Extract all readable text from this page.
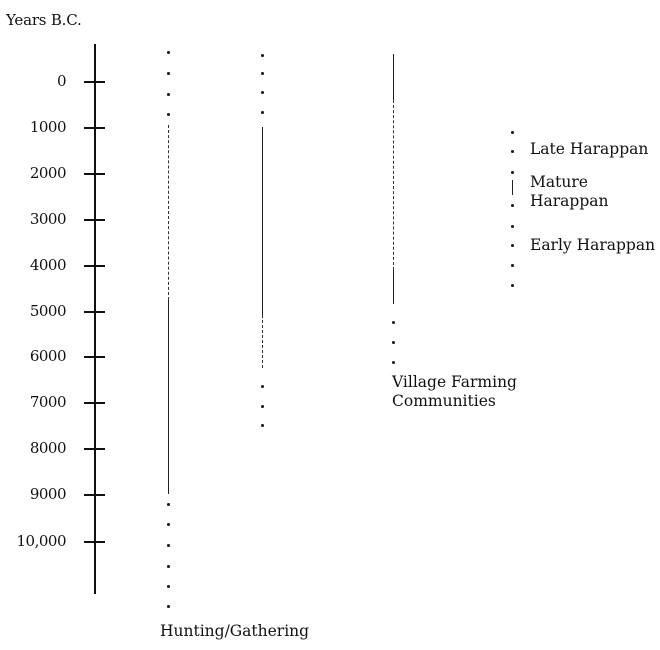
Years B.C.
0
1000
2000
3000
4000
5000
6000
7000
8000
9000
10,000
Hunting/Gathering
Village Farming
Communities
Late Harappan
Mature
Harappan
Early Harappan
